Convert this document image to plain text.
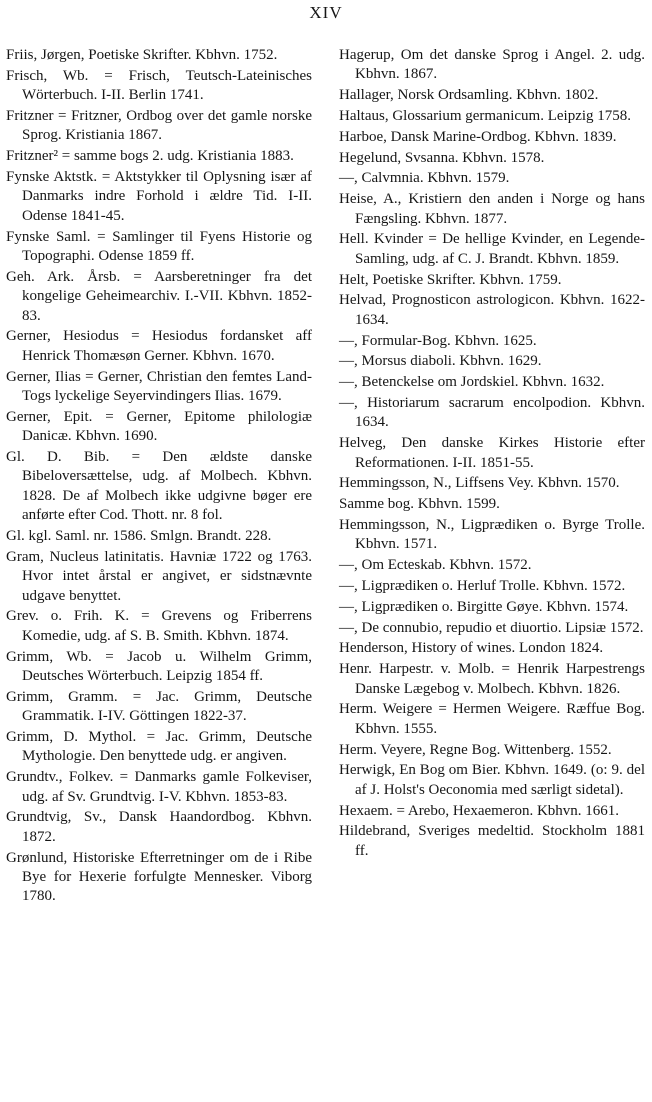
XIV

Friis, Jørgen, Poetiske Skrifter. Kbhvn. 1752.

Frisch, Wb. = Frisch, Teutsch-Lateinisches Wörterbuch. I-II. Berlin 1741.

Fritzner = Fritzner, Ordbog over det gamle norske Sprog. Kristiania 1867.

Fritzner² = samme bogs 2. udg. Kristiania 1883.

Fynske Aktstk. = Aktstykker til Oplysning især af Danmarks indre Forhold i ældre Tid. I-II. Odense 1841-45.

Fynske Saml. = Samlinger til Fyens Historie og Topographi. Odense 1859 ff.

Geh. Ark. Årsb. = Aarsberetninger fra det kongelige Geheimearchiv. I.-VII. Kbhvn. 1852-83.

Gerner, Hesiodus = Hesiodus fordansket aff Henrick Thomæsøn Gerner. Kbhvn. 1670.

Gerner, Ilias = Gerner, Christian den femtes Land-Togs lyckelige Seyervindingers Ilias. 1679.

Gerner, Epit. = Gerner, Epitome philologiæ Danicæ. Kbhvn. 1690.

Gl. D. Bib. = Den ældste danske Bibeloversættelse, udg. af Molbech. Kbhvn. 1828. De af Molbech ikke udgivne bøger ere anførte efter Cod. Thott. nr. 8 fol.

Gl. kgl. Saml. nr. 1586. Smlgn. Brandt. 228.

Gram, Nucleus latinitatis. Havniæ 1722 og 1763. Hvor intet årstal er angivet, er sidstnævnte udgave benyttet.

Grev. o. Frih. K. = Grevens og Friberrens Komedie, udg. af S. B. Smith. Kbhvn. 1874.

Grimm, Wb. = Jacob u. Wilhelm Grimm, Deutsches Wörterbuch. Leipzig 1854 ff.

Grimm, Gramm. = Jac. Grimm, Deutsche Grammatik. I-IV. Göttingen 1822-37.

Grimm, D. Mythol. = Jac. Grimm, Deutsche Mythologie. Den benyttede udg. er angiven.

Grundtv., Folkev. = Danmarks gamle Folkeviser, udg. af Sv. Grundtvig. I-V. Kbhvn. 1853-83.

Grundtvig, Sv., Dansk Haandordbog. Kbhvn. 1872.

Grønlund, Historiske Efterretninger om de i Ribe Bye for Hexerie forfulgte Mennesker. Viborg 1780.

Hagerup, Om det danske Sprog i Angel. 2. udg. Kbhvn. 1867.

Hallager, Norsk Ordsamling. Kbhvn. 1802.

Haltaus, Glossarium germanicum. Leipzig 1758.

Harboe, Dansk Marine-Ordbog. Kbhvn. 1839.

Hegelund, Svsanna. Kbhvn. 1578.

—, Calvmnia. Kbhvn. 1579.

Heise, A., Kristiern den anden i Norge og hans Fængsling. Kbhvn. 1877.

Hell. Kvinder = De hellige Kvinder, en Legende-Samling, udg. af C. J. Brandt. Kbhvn. 1859.

Helt, Poetiske Skrifter. Kbhvn. 1759.

Helvad, Prognosticon astrologicon. Kbhvn. 1622-1634.

—, Formular-Bog. Kbhvn. 1625.

—, Morsus diaboli. Kbhvn. 1629.

—, Betenckelse om Jordskiel. Kbhvn. 1632.

—, Historiarum sacrarum encolpodion. Kbhvn. 1634.

Helveg, Den danske Kirkes Historie efter Reformationen. I-II. 1851-55.

Hemmingsson, N., Liffsens Vey. Kbhvn. 1570.

Samme bog. Kbhvn. 1599.

Hemmingsson, N., Ligprædiken o. Byrge Trolle. Kbhvn. 1571.

—, Om Ecteskab. Kbhvn. 1572.

—, Ligprædiken o. Herluf Trolle. Kbhvn. 1572.

—, Ligprædiken o. Birgitte Gøye. Kbhvn. 1574.

—, De connubio, repudio et diuortio. Lipsiæ 1572.

Henderson, History of wines. London 1824.

Henr. Harpestr. v. Molb. = Henrik Harpestrengs Danske Lægebog v. Molbech. Kbhvn. 1826.

Herm. Weigere = Hermen Weigere. Ræffue Bog. Kbhvn. 1555.

Herm. Veyere, Regne Bog. Wittenberg. 1552.

Herwigk, En Bog om Bier. Kbhvn. 1649. (o: 9. del af J. Holst's Oeconomia med særligt sidetal).

Hexaem. = Arebo, Hexaemeron. Kbhvn. 1661.

Hildebrand, Sveriges medeltid. Stockholm 1881 ff.
